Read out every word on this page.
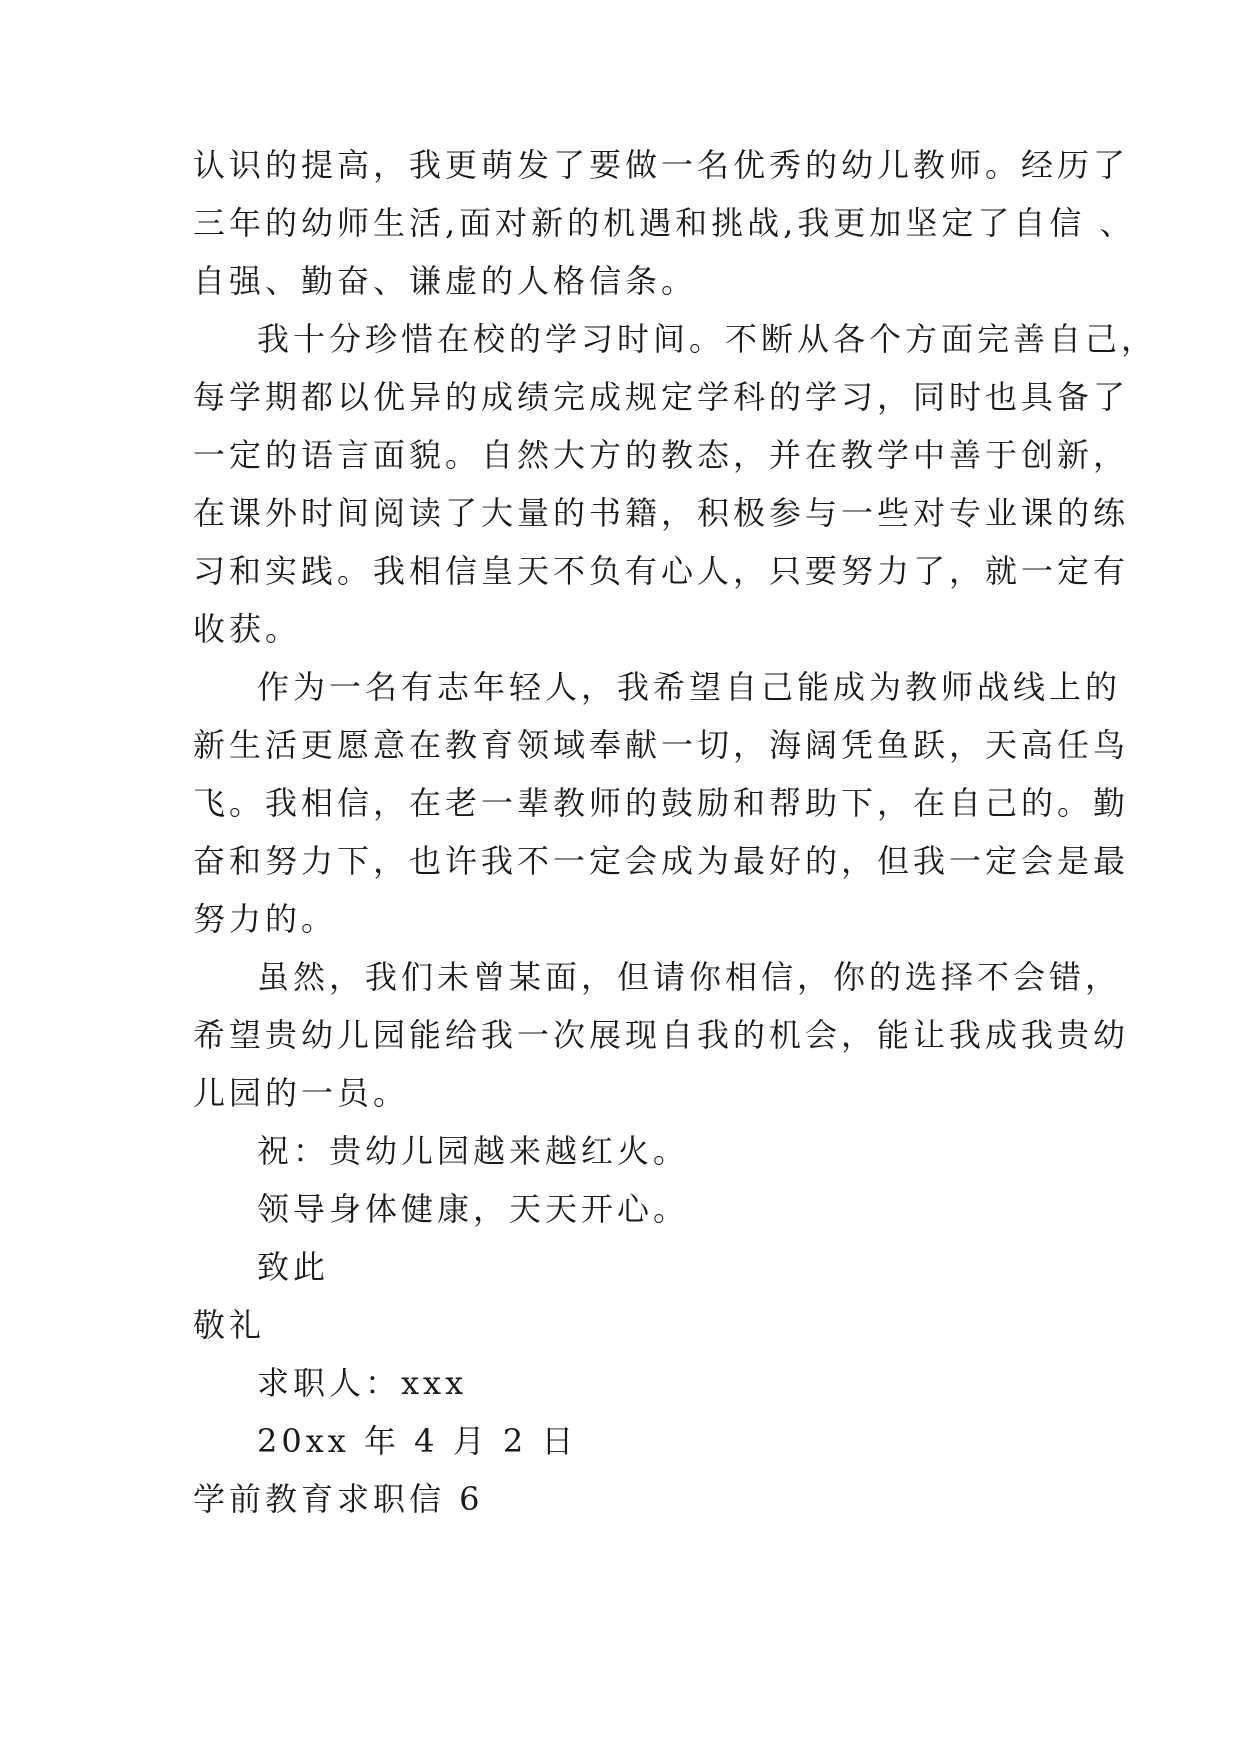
认识的提高，我更萌发了要做一名优秀的幼儿教师。经历了
三年的幼师生活,面对新的机遇和挑战,我更加坚定了自信 、
自强、勤奋、谦虚的人格信条。
我十分珍惜在校的学习时间。不断从各个方面完善自己，
每学期都以优异的成绩完成规定学科的学习，同时也具备了
一定的语言面貌。自然大方的教态，并在教学中善于创新，
在课外时间阅读了大量的书籍，积极参与一些对专业课的练
习和实践。我相信皇天不负有心人，只要努力了，就一定有
收获。
作为一名有志年轻人，我希望自己能成为教师战线上的
新生活更愿意在教育领域奉献一切，海阔凭鱼跃，天高任鸟
飞。我相信，在老一辈教师的鼓励和帮助下，在自己的。勤
奋和努力下，也许我不一定会成为最好的，但我一定会是最
努力的。
虽然，我们未曾某面，但请你相信，你的选择不会错，
希望贵幼儿园能给我一次展现自我的机会，能让我成我贵幼
儿园的一员。
祝：贵幼儿园越来越红火。
领导身体健康，天天开心。
致此
敬礼
求职人：xxx
20xx 年 4 月 2 日
学前教育求职信 6
